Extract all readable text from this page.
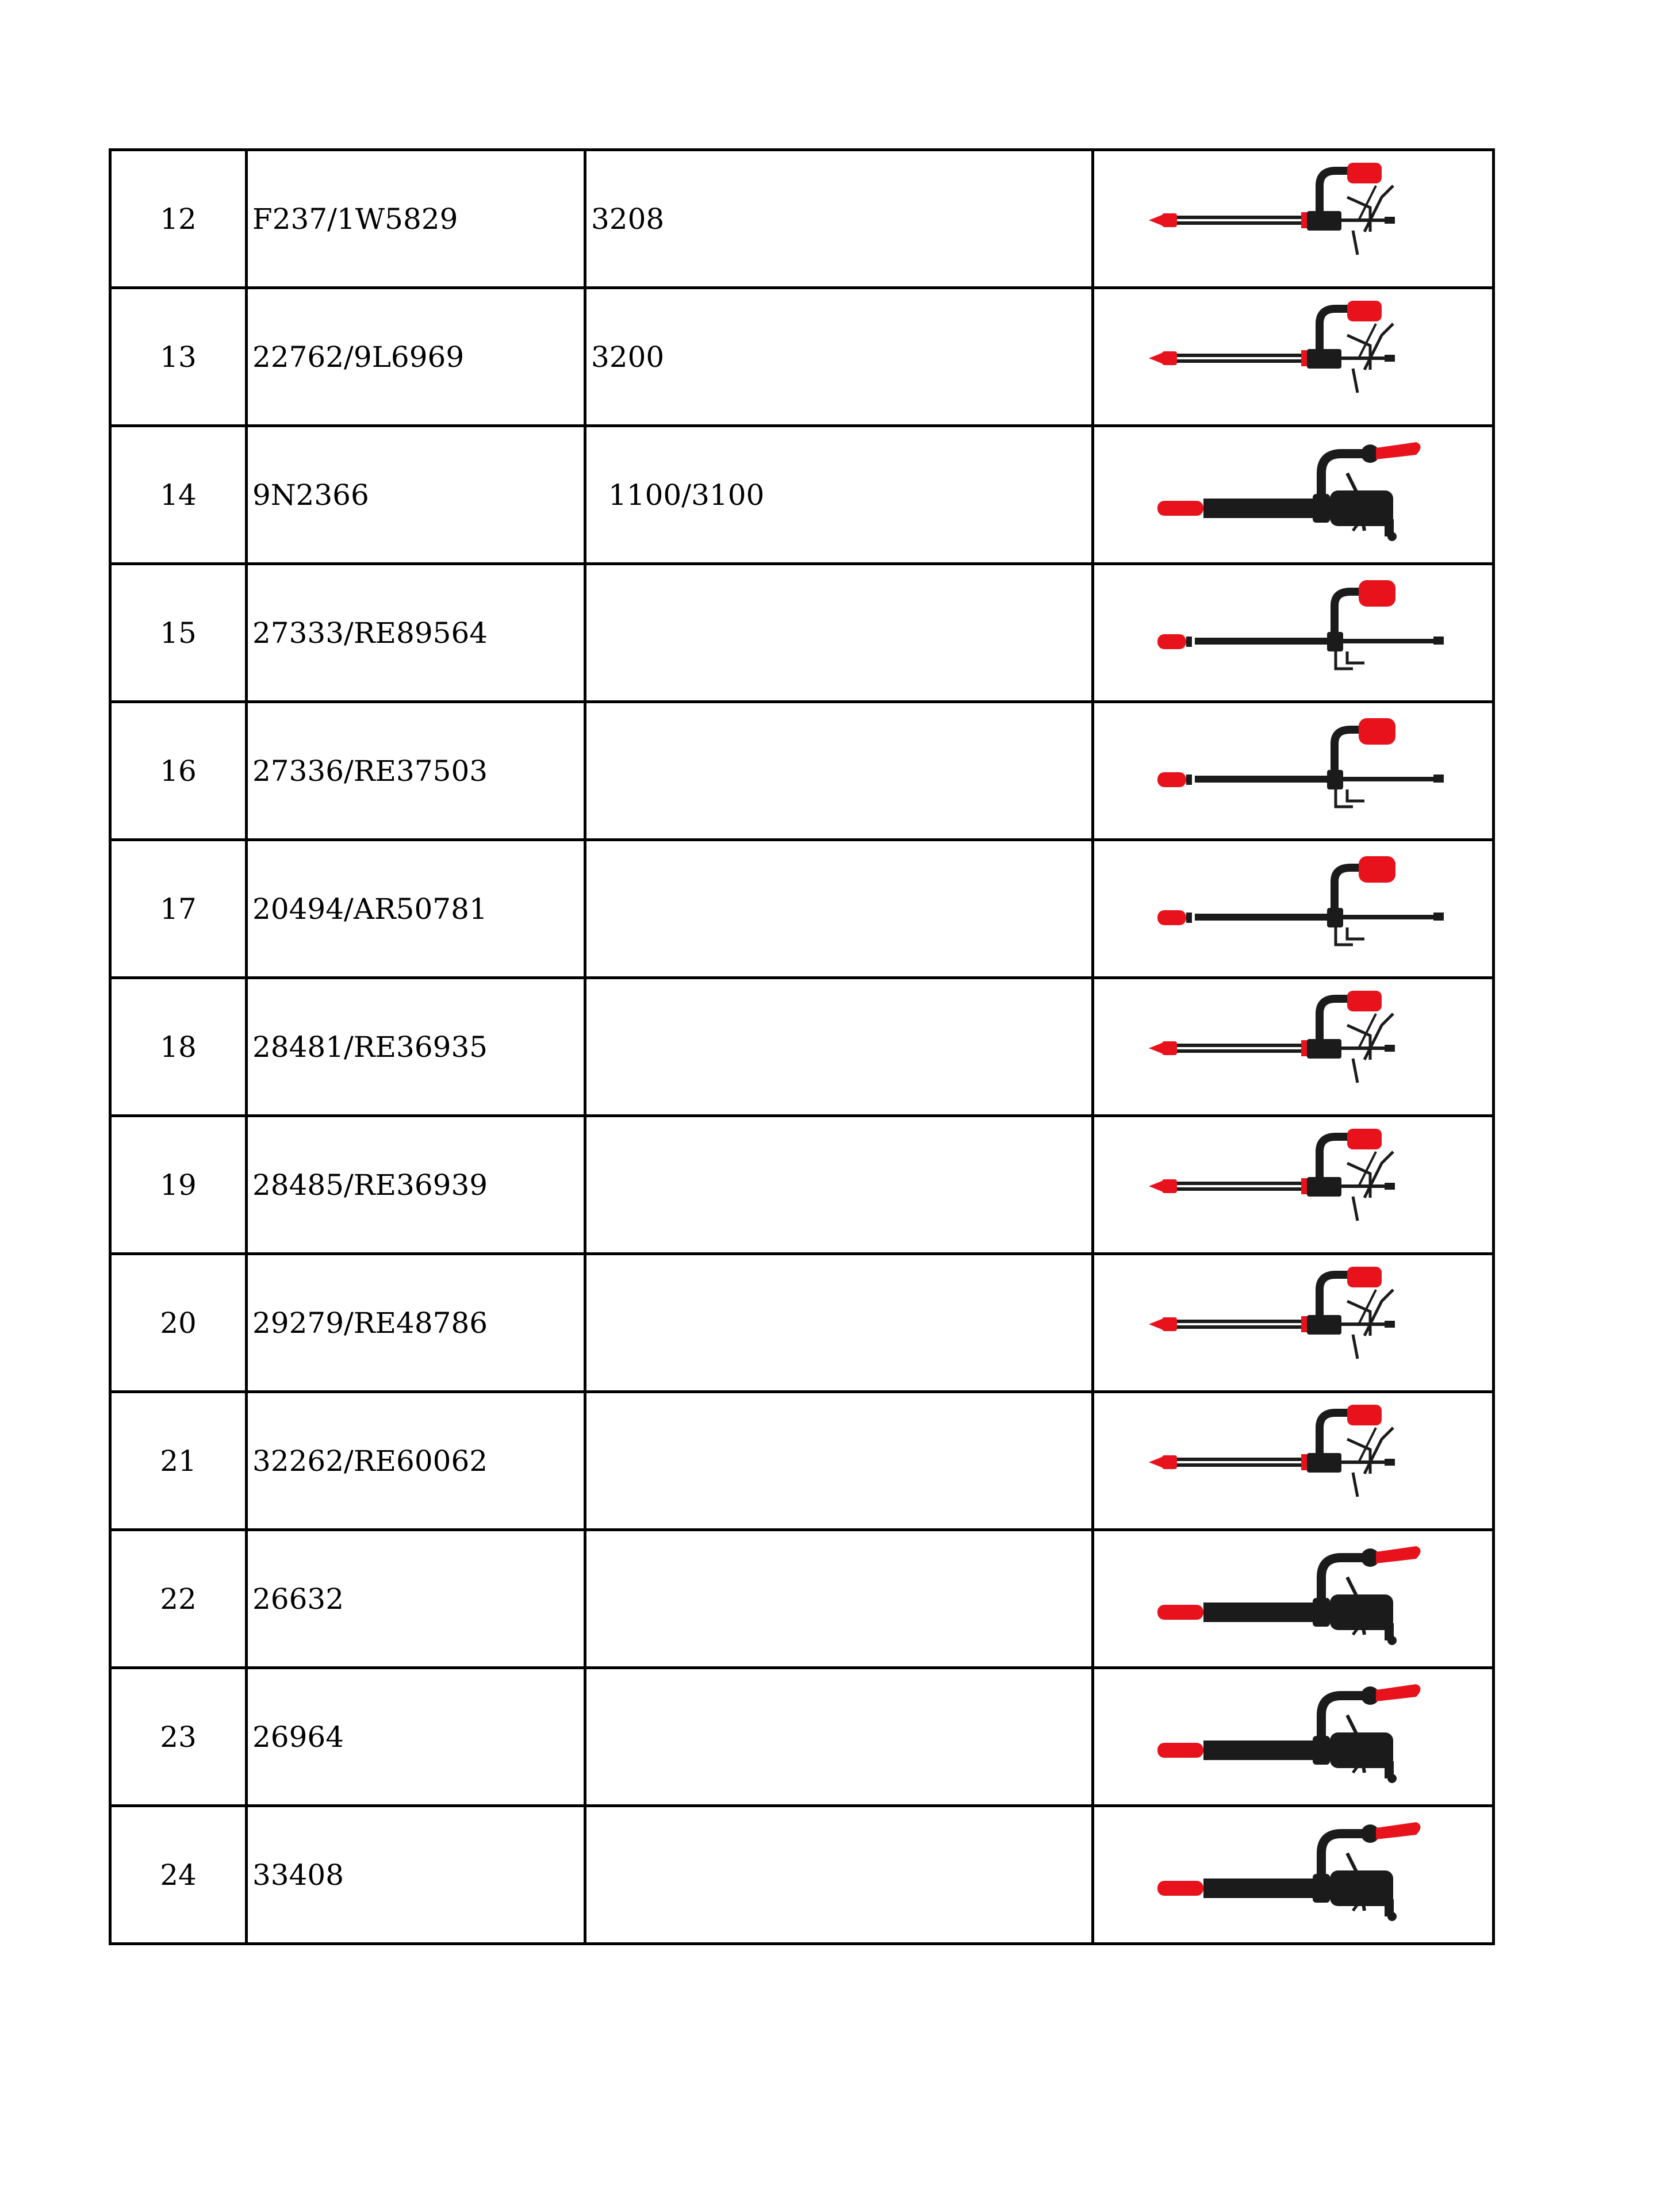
12	F237/1W5829	3208	

13	22762/9L6969	3200	

14	9N2366	1100/3100	

15	27333/RE89564		

16	27336/RE37503		

17	20494/AR50781		

18	28481/RE36935		

19	28485/RE36939		

20	29279/RE48786		

21	32262/RE60062		

22	26632		

23	26964		

24	33408		
